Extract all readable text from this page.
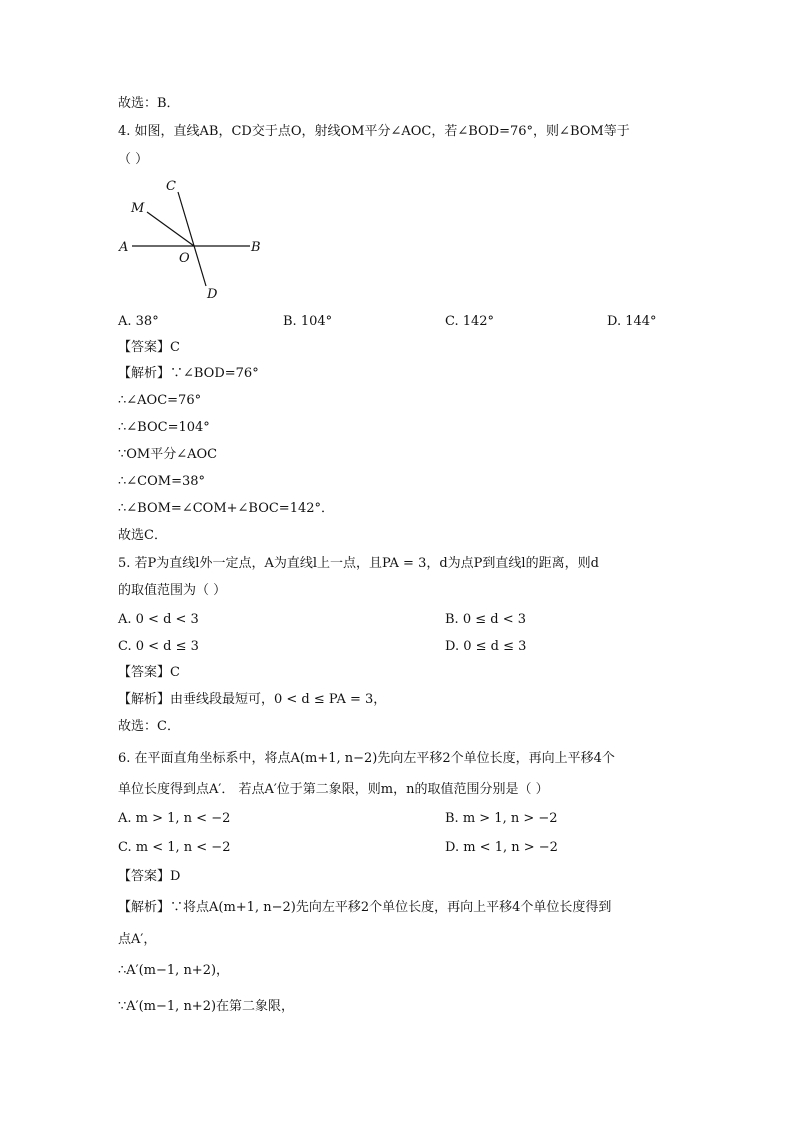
故选：B．
4. 如图，直线AB，CD交于点O，射线OM平分∠AOC，若∠BOD=76°，则∠BOM等于
（ ）
C
M
A
O
B
D
A. 38°	B. 104°	C. 142°	D. 144°
【答案】C
【解析】∵∠BOD=76°
∴∠AOC=76°
∴∠BOC=104°
∵OM平分∠AOC
∴∠COM=38°
∴∠BOM=∠COM+∠BOC=142°．
故选C．
5. 若P为直线l外一定点，A为直线l上一点，且PA = 3，d为点P到直线l的距离，则d
的取值范围为（ ）
A. 0 < d < 3	B. 0 ≤ d < 3
C. 0 < d ≤ 3	D. 0 ≤ d ≤ 3
【答案】C
【解析】由垂线段最短可，0 < d ≤ PA = 3，
故选：C．
6. 在平面直角坐标系中，将点A(m+1, n−2)先向左平移2个单位长度，再向上平移4个
单位长度得到点A′． 若点A′位于第二象限，则m，n的取值范围分别是（ ）
A. m > 1, n < −2	B. m > 1, n > −2
C. m < 1, n < −2	D. m < 1, n > −2
【答案】D
【解析】∵将点A(m+1, n−2)先向左平移2个单位长度，再向上平移4个单位长度得到
点A′，
∴A′(m−1, n+2)，
∵A′(m−1, n+2)在第二象限，
